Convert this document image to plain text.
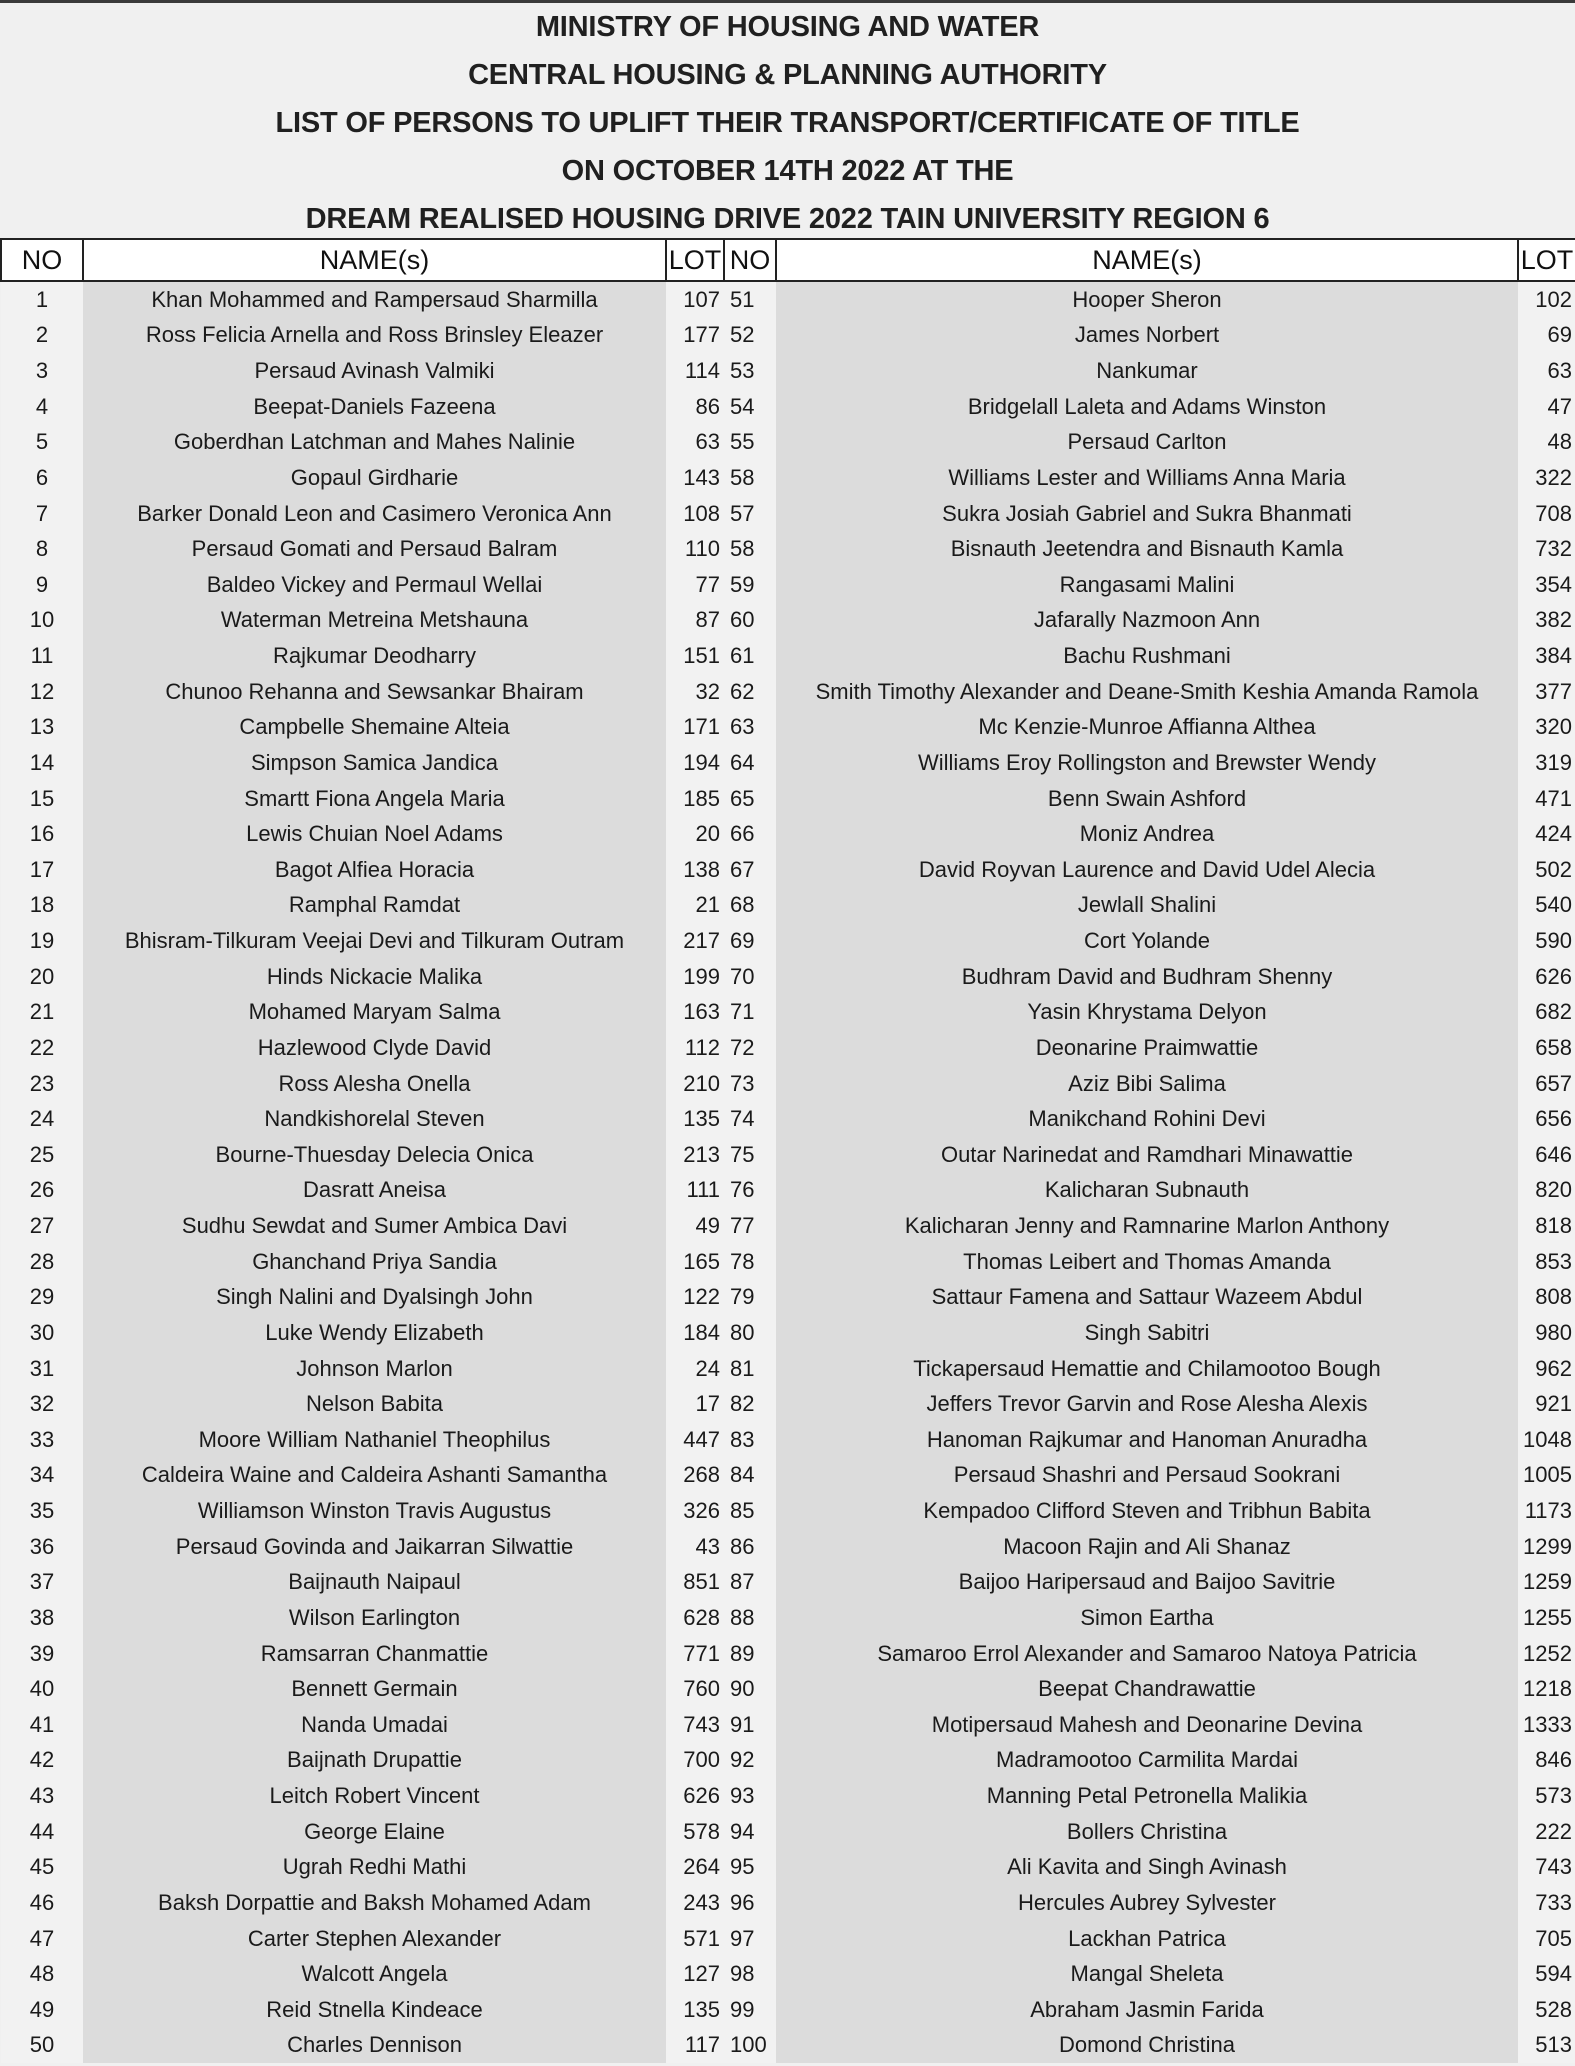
MINISTRY OF HOUSING AND WATER
CENTRAL HOUSING & PLANNING AUTHORITY
LIST OF PERSONS TO UPLIFT THEIR TRANSPORT/CERTIFICATE OF TITLE
ON OCTOBER 14TH 2022 AT THE
DREAM REALISED HOUSING DRIVE 2022 TAIN UNIVERSITY REGION 6
NO	NAME(s)	LOT	NO	NAME(s)	LOT
1	Khan Mohammed and Rampersaud Sharmilla	107	51	Hooper Sheron	102
2	Ross Felicia Arnella and Ross Brinsley Eleazer	177	52	James Norbert	69
3	Persaud Avinash Valmiki	114	53	Nankumar	63
4	Beepat-Daniels Fazeena	86	54	Bridgelall Laleta and Adams Winston	47
5	Goberdhan Latchman and Mahes Nalinie	63	55	Persaud Carlton	48
6	Gopaul Girdharie	143	58	Williams Lester and Williams Anna Maria	322
7	Barker Donald Leon and Casimero Veronica Ann	108	57	Sukra Josiah Gabriel and Sukra Bhanmati	708
8	Persaud Gomati and Persaud Balram	110	58	Bisnauth Jeetendra and Bisnauth Kamla	732
9	Baldeo Vickey and Permaul Wellai	77	59	Rangasami Malini	354
10	Waterman Metreina Metshauna	87	60	Jafarally Nazmoon Ann	382
11	Rajkumar Deodharry	151	61	Bachu Rushmani	384
12	Chunoo Rehanna and Sewsankar Bhairam	32	62	Smith Timothy Alexander and Deane-Smith Keshia Amanda Ramola	377
13	Campbelle Shemaine Alteia	171	63	Mc Kenzie-Munroe Affianna Althea	320
14	Simpson Samica Jandica	194	64	Williams Eroy Rollingston and Brewster Wendy	319
15	Smartt Fiona Angela Maria	185	65	Benn Swain Ashford	471
16	Lewis Chuian Noel Adams	20	66	Moniz Andrea	424
17	Bagot Alfiea Horacia	138	67	David Royvan Laurence and David Udel Alecia	502
18	Ramphal Ramdat	21	68	Jewlall Shalini	540
19	Bhisram-Tilkuram Veejai Devi and Tilkuram Outram	217	69	Cort Yolande	590
20	Hinds Nickacie Malika	199	70	Budhram David and Budhram Shenny	626
21	Mohamed Maryam Salma	163	71	Yasin Khrystama Delyon	682
22	Hazlewood Clyde David	112	72	Deonarine Praimwattie	658
23	Ross Alesha Onella	210	73	Aziz Bibi Salima	657
24	Nandkishorelal Steven	135	74	Manikchand Rohini Devi	656
25	Bourne-Thuesday Delecia Onica	213	75	Outar Narinedat and Ramdhari Minawattie	646
26	Dasratt Aneisa	111	76	Kalicharan Subnauth	820
27	Sudhu Sewdat and Sumer Ambica Davi	49	77	Kalicharan Jenny and Ramnarine Marlon Anthony	818
28	Ghanchand Priya Sandia	165	78	Thomas Leibert and Thomas Amanda	853
29	Singh Nalini and Dyalsingh John	122	79	Sattaur Famena and Sattaur Wazeem Abdul	808
30	Luke Wendy Elizabeth	184	80	Singh Sabitri	980
31	Johnson Marlon	24	81	Tickapersaud Hemattie and Chilamootoo Bough	962
32	Nelson Babita	17	82	Jeffers Trevor Garvin and Rose Alesha Alexis	921
33	Moore William Nathaniel Theophilus	447	83	Hanoman Rajkumar and Hanoman Anuradha	1048
34	Caldeira Waine and Caldeira Ashanti Samantha	268	84	Persaud Shashri and Persaud Sookrani	1005
35	Williamson Winston Travis Augustus	326	85	Kempadoo Clifford Steven and Tribhun Babita	1173
36	Persaud Govinda and Jaikarran Silwattie	43	86	Macoon Rajin and Ali Shanaz	1299
37	Baijnauth Naipaul	851	87	Baijoo Haripersaud and Baijoo Savitrie	1259
38	Wilson Earlington	628	88	Simon Eartha	1255
39	Ramsarran Chanmattie	771	89	Samaroo Errol Alexander and Samaroo Natoya Patricia	1252
40	Bennett Germain	760	90	Beepat Chandrawattie	1218
41	Nanda Umadai	743	91	Motipersaud Mahesh and Deonarine Devina	1333
42	Baijnath Drupattie	700	92	Madramootoo Carmilita Mardai	846
43	Leitch Robert Vincent	626	93	Manning Petal Petronella Malikia	573
44	George Elaine	578	94	Bollers Christina	222
45	Ugrah Redhi Mathi	264	95	Ali Kavita and Singh Avinash	743
46	Baksh Dorpattie and Baksh Mohamed Adam	243	96	Hercules Aubrey Sylvester	733
47	Carter Stephen Alexander	571	97	Lackhan Patrica	705
48	Walcott Angela	127	98	Mangal Sheleta	594
49	Reid Stnella Kindeace	135	99	Abraham Jasmin Farida	528
50	Charles Dennison	117	100	Domond Christina	513
